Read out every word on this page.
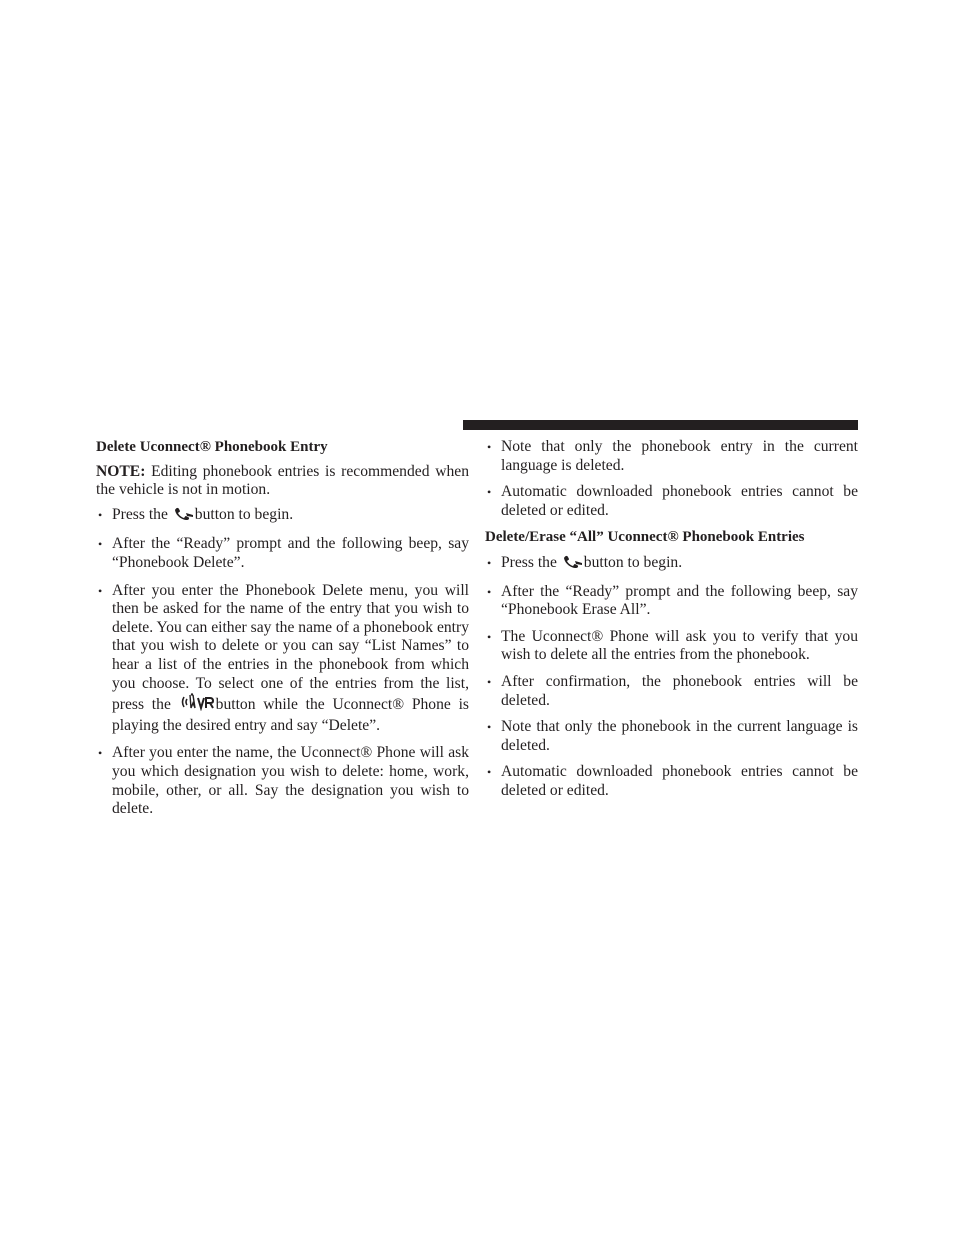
Delete Uconnect® Phonebook Entry

NOTE: Editing phonebook entries is recommended when the vehicle is not in motion.

• Press the button to begin.
• After the “Ready” prompt and the following beep, say “Phonebook Delete”.
• After you enter the Phonebook Delete menu, you will then be asked for the name of the entry that you wish to delete. You can either say the name of a phonebook entry that you wish to delete or you can say “List Names” to hear a list of the entries in the phonebook from which you choose. To select one of the entries from the list, press the button while the Uconnect® Phone is playing the desired entry and say “Delete”.
• After you enter the name, the Uconnect® Phone will ask you which designation you wish to delete: home, work, mobile, other, or all. Say the designation you wish to delete.
• Note that only the phonebook entry in the current language is deleted.
• Automatic downloaded phonebook entries cannot be deleted or edited.
Delete/Erase “All” Uconnect® Phonebook Entries
• Press the button to begin.
• After the “Ready” prompt and the following beep, say “Phonebook Erase All”.
• The Uconnect® Phone will ask you to verify that you wish to delete all the entries from the phonebook.
• After confirmation, the phonebook entries will be deleted.
• Note that only the phonebook in the current language is deleted.
• Automatic downloaded phonebook entries cannot be deleted or edited.
